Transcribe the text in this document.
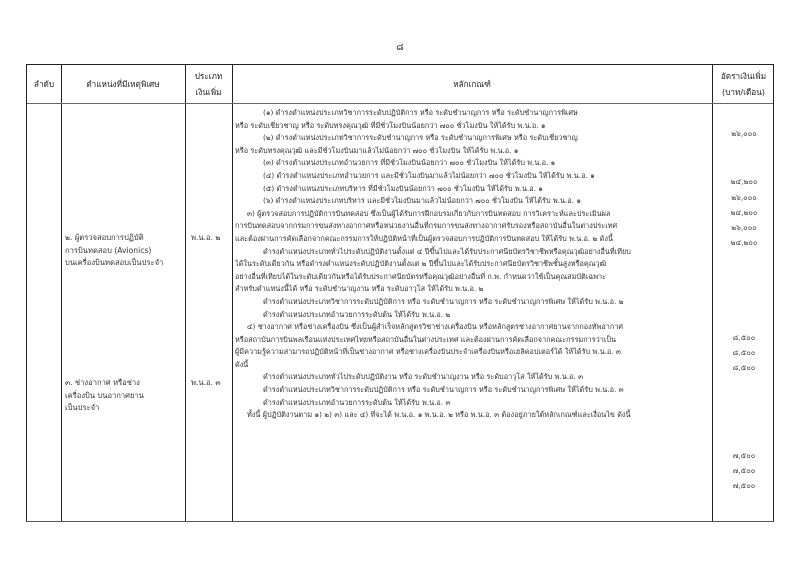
๘
ลำดับ	ตำแหน่งที่มีเหตุพิเศษ
ประเภท
เงินเพิ่ม
หลักเกณฑ์
อัตราเงินเพิ่ม
(บาท/เดือน)
๒. ผู้ตรวจสอบการปฏิบัติ
การบินทดสอบ (Avionics)
บนเครื่องบินทดสอบเป็นประจำ
พ.น.อ. ๒
๓. ช่างอากาศ หรือช่าง
เครื่องบิน บนอากาศยาน
เป็นประจำ
พ.น.อ. ๓
(๑) ดำรงตำแหน่งประเภทวิชาการระดับปฏิบัติการ หรือ ระดับชำนาญการ หรือ ระดับชำนาญการพิเศษ
หรือ ระดับเชี่ยวชาญ หรือ ระดับทรงคุณวุฒิ ที่มีชั่วโมงบินน้อยกว่า ๗๐๐ ชั่วโมงบิน ให้ได้รับ พ.น.อ. ๑
(๒) ดำรงตำแหน่งประเภทวิชาการระดับชำนาญการ หรือ ระดับชำนาญการพิเศษ หรือ ระดับเชี่ยวชาญ
หรือ ระดับทรงคุณวุฒิ และมีชั่วโมงบินมาแล้วไม่น้อยกว่า ๗๐๐ ชั่วโมงบิน ให้ได้รับ พ.น.อ. ๑
(๓) ดำรงตำแหน่งประเภทอำนวยการ ที่มีชั่วโมงบินน้อยกว่า ๗๐๐ ชั่วโมงบิน ให้ได้รับ พ.น.อ. ๑
(๔) ดำรงตำแหน่งประเภทอำนวยการ และมีชั่วโมงบินมาแล้วไม่น้อยกว่า ๗๐๐ ชั่วโมงบิน ให้ได้รับ พ.น.อ. ๑
(๕) ดำรงตำแหน่งประเภทบริหาร ที่มีชั่วโมงบินน้อยกว่า ๗๐๐ ชั่วโมงบิน ให้ได้รับ พ.น.อ. ๑
(๖) ดำรงตำแหน่งประเภทบริหาร และมีชั่วโมงบินมาแล้วไม่น้อยกว่า ๗๐๐ ชั่วโมงบิน ให้ได้รับ พ.น.อ. ๑
๓) ผู้ตรวจสอบการปฏิบัติการบินทดสอบ ซึ่งเป็นผู้ได้รับการฝึกอบรมเกี่ยวกับการบินทดสอบ การวิเคราะห์และประเมินผล
การบินทดสอบจากกรมการขนส่งทางอากาศหรือหน่วยงานอื่นที่กรมการขนส่งทางอากาศรับรองหรือสถาบันอื่นในต่างประเทศ
และต้องผ่านการคัดเลือกจากคณะกรรมการให้ปฏิบัติหน้าที่เป็นผู้ตรวจสอบการปฏิบัติการบินทดสอบ ให้ได้รับ พ.น.อ. ๒ ดังนี้
ดำรงตำแหน่งประเภททั่วไประดับปฏิบัติงานตั้งแต่ ๔ ปีขึ้นไปและได้รับประกาศนียบัตรวิชาชีพหรือคุณวุฒิอย่างอื่นที่เทียบ
ได้ในระดับเดียวกัน หรือดำรงตำแหน่งระดับปฏิบัติงานตั้งแต่ ๒ ปีขึ้นไปและได้รับประกาศนียบัตรวิชาชีพชั้นสูงหรือคุณวุฒิ
อย่างอื่นที่เทียบได้ในระดับเดียวกันหรือได้รับประกาศนียบัตรหรือคุณวุฒิอย่างอื่นที่ ก.พ. กำหนดว่าใช้เป็นคุณสมบัติเฉพาะ
สำหรับตำแหน่งนี้ได้ หรือ ระดับชำนาญงาน หรือ ระดับอาวุโส ให้ได้รับ พ.น.อ. ๒
ดำรงตำแหน่งประเภทวิชาการระดับปฏิบัติการ หรือ ระดับชำนาญการ หรือ ระดับชำนาญการพิเศษ ให้ได้รับ พ.น.อ. ๒
ดำรงตำแหน่งประเภทอำนวยการระดับต้น ให้ได้รับ พ.น.อ. ๒
๔) ช่างอากาศ หรือช่างเครื่องบิน ซึ่งเป็นผู้สำเร็จหลักสูตรวิชาช่างเครื่องบิน หรือหลักสูตรช่างอากาศยานจากกองทัพอากาศ
หรือสถาบันการบินพลเรือนแห่งประเทศไทยหรือสถาบันอื่นในต่างประเทศ และต้องผ่านการคัดเลือกจากคณะกรรมการว่าเป็น
ผู้มีความรู้ความสามารถปฏิบัติหน้าที่เป็นช่างอากาศ หรือช่างเครื่องบินประจำเครื่องบินหรือเฮลิคอปเตอร์ได้ ให้ได้รับ พ.น.อ. ๓
ดังนี้
ดำรงตำแหน่งประเภททั่วไประดับปฏิบัติงาน หรือ ระดับชำนาญงาน หรือ ระดับอาวุโส ให้ได้รับ พ.น.อ. ๓
ดำรงตำแหน่งประเภทวิชาการระดับปฏิบัติการ หรือ ระดับชำนาญการ หรือ ระดับชำนาญการพิเศษ ให้ได้รับ พ.น.อ. ๓
ดำรงตำแหน่งประเภทอำนวยการระดับต้น ให้ได้รับ พ.น.อ. ๓
ทั้งนี้ ผู้ปฏิบัติงานตาม ๑) ๒) ๓) และ ๔) ที่จะได้ พ.น.อ. ๑ พ.น.อ. ๒ หรือ พ.น.อ. ๓ ต้องอยู่ภายใต้หลักเกณฑ์และเงื่อนไข ดังนี้
๒๖,๐๐๐
๒๔,๒๐๐
๒๖,๐๐๐
๒๔,๒๐๐
๒๖,๐๐๐
๒๔,๒๐๐
๘,๕๐๐
๘,๕๐๐
๘,๕๐๐
๗,๕๐๐
๗,๕๐๐
๗,๕๐๐
